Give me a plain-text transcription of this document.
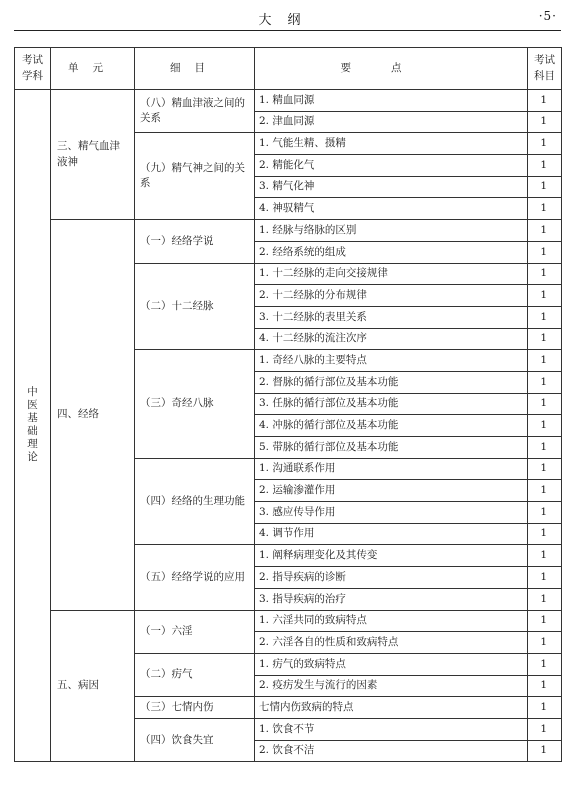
大纲	·5·
考试学科	单元	细目	要点	考试科目
中医基础理论	三、精气血津液神	（八）精血津液之间的关系	1. 精血同源	1
			2. 津血同源	1
		（九）精气神之间的关系	1. 气能生精、摄精	1
			2. 精能化气	1
			3. 精气化神	1
			4. 神驭精气	1
	四、经络	（一）经络学说	1. 经脉与络脉的区别	1
			2. 经络系统的组成	1
		（二）十二经脉	1. 十二经脉的走向交接规律	1
			2. 十二经脉的分布规律	1
			3. 十二经脉的表里关系	1
			4. 十二经脉的流注次序	1
		（三）奇经八脉	1. 奇经八脉的主要特点	1
			2. 督脉的循行部位及基本功能	1
			3. 任脉的循行部位及基本功能	1
			4. 冲脉的循行部位及基本功能	1
			5. 带脉的循行部位及基本功能	1
		（四）经络的生理功能	1. 沟通联系作用	1
			2. 运输渗灌作用	1
			3. 感应传导作用	1
			4. 调节作用	1
		（五）经络学说的应用	1. 阐释病理变化及其传变	1
			2. 指导疾病的诊断	1
			3. 指导疾病的治疗	1
	五、病因	（一）六淫	1. 六淫共同的致病特点	1
			2. 六淫各自的性质和致病特点	1
		（二）疠气	1. 疠气的致病特点	1
			2. 疫疠发生与流行的因素	1
		（三）七情内伤	七情内伤致病的特点	1
		（四）饮食失宜	1. 饮食不节	1
			2. 饮食不洁	1
